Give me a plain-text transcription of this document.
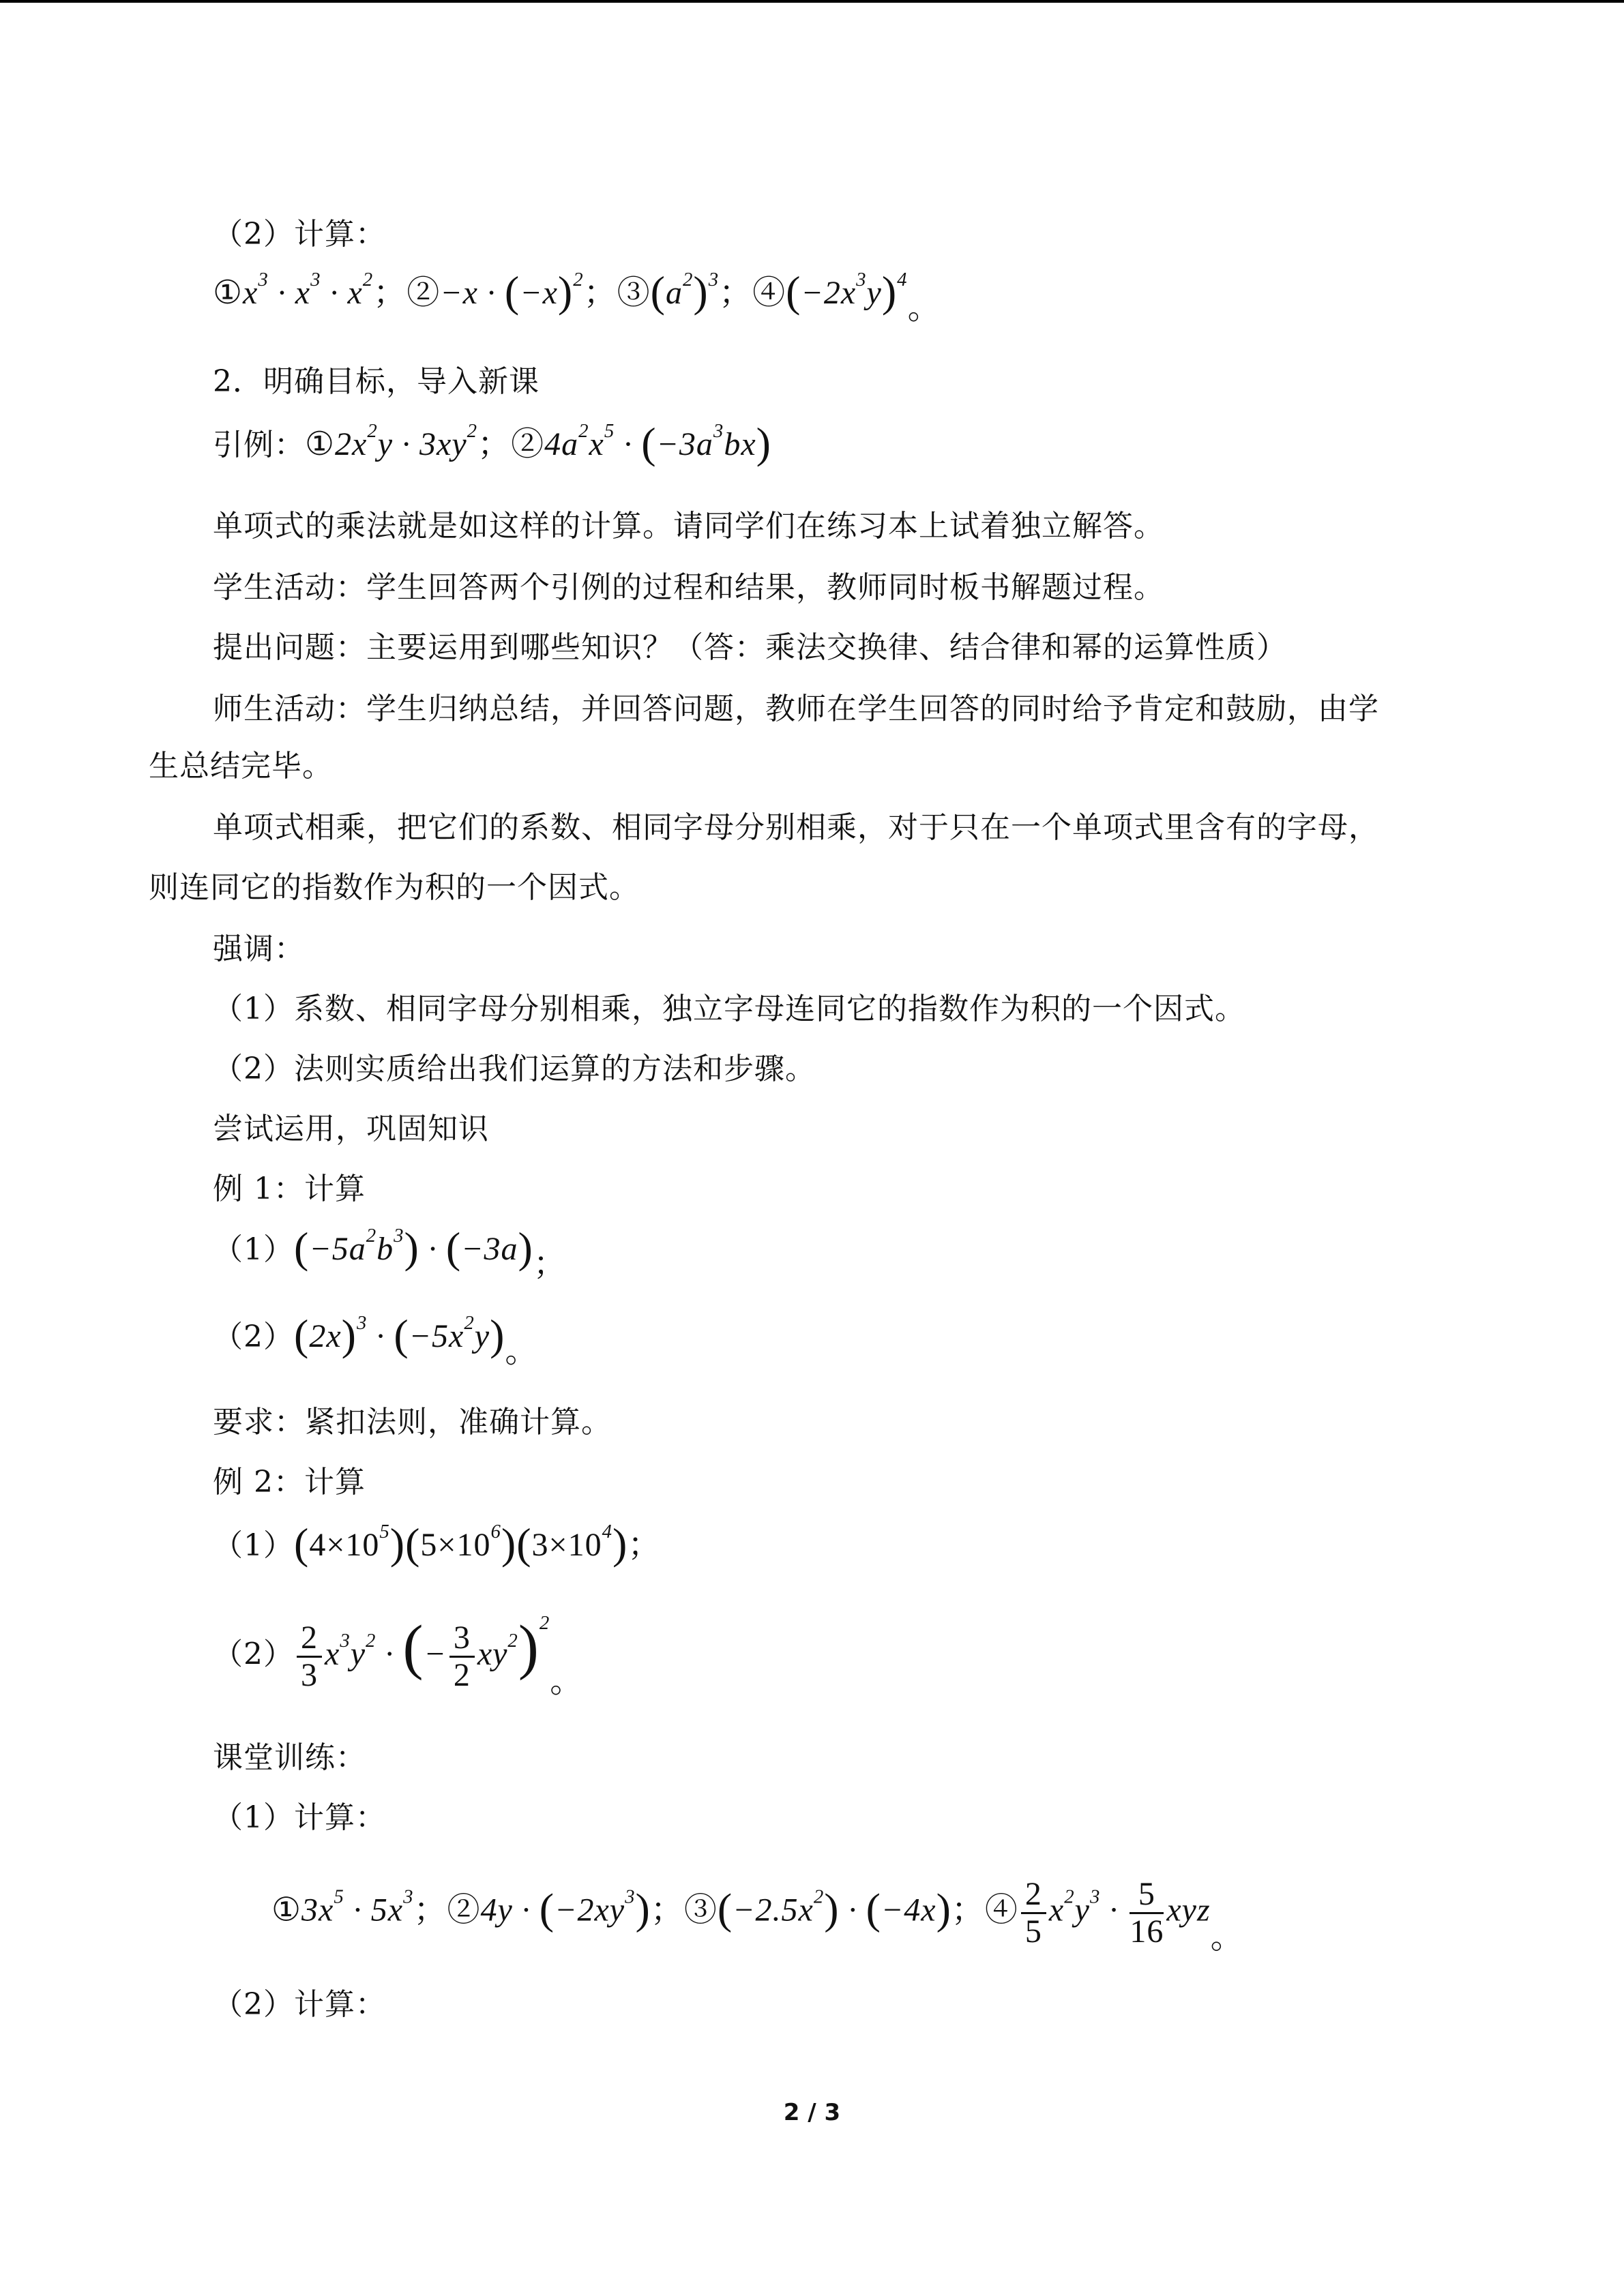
（2）计算：
$①x^3 \cdot x^3 \cdot x^2$；②−x · $(-x)^2$；$③(a^2)^3$；$④(-2x^3y)^4$。
2．明确目标，导入新课
引例：$①2x^2y \cdot 3xy^2$；$②4a^2x^5 \cdot (-3a^3bx)$
单项式的乘法就是如这样的计算。请同学们在练习本上试着独立解答。
学生活动：学生回答两个引例的过程和结果，教师同时板书解题过程。
提出问题：主要运用到哪些知识？（答：乘法交换律、结合律和幂的运算性质）
师生活动：学生归纳总结，并回答问题，教师在学生回答的同时给予肯定和鼓励，由学
生总结完毕。
单项式相乘，把它们的系数、相同字母分别相乘，对于只在一个单项式里含有的字母，
则连同它的指数作为积的一个因式。
强调：
（1）系数、相同字母分别相乘，独立字母连同它的指数作为积的一个因式。
（2）法则实质给出我们运算的方法和步骤。
尝试运用，巩固知识
例 1：计算
$(1)(-5a^2b^3) \cdot (-3a)$；
$(2)(2x)^3 \cdot (-5x^2y)$。
要求：紧扣法则，准确计算。
例 2：计算
$(1)(4\times 10^5)(5\times 10^6)(3\times 10^4)$；
$(2) \frac{2}{3} x^3y^2$ · (− $\frac{3}{2} xy^2)^2$。
课堂训练：
（1）计算：
$①3x^5 \cdot 5x^3$；②4y · $(-2xy^3)$；$③(-2.5x^2) \cdot (-4x)$；④ $\frac{2}{5} x^2y^3 \cdot \frac{5}{16}$ xyz。
（2）计算：
2 / 3
